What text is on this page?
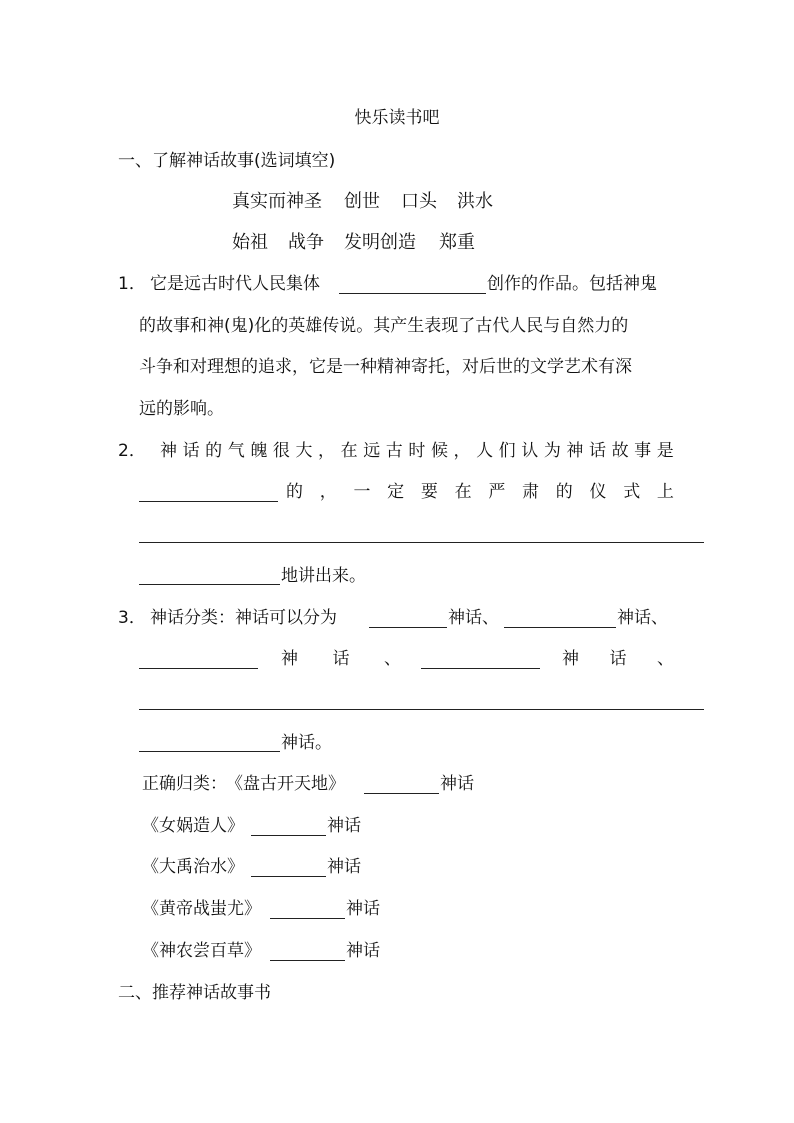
快乐读书吧
一、了解神话故事(选词填空)
真实而神圣 创世 口头 洪水
始祖 战争 发明创造 郑重
1． 它是远古时代人民集体	创作的作品。包括神鬼
的故事和神(鬼)化的英雄传说。其产生表现了古代人民与自然力的
斗争和对理想的追求，它是一种精神寄托，对后世的文学艺术有深
远的影响。
2． 神 话 的 气 魄 很 大 ， 在 远 古 时 候 ， 人 们 认 为 神 话 故 事 是
的 ， 一 定 要 在 严 肃 的 仪 式 上
地讲出来。
3． 神话分类：神话可以分为	神话、	神话、
神 话 、	神 话 、
神话。
正确归类： 《盘古开天地》	神话
《女娲造人》	神话
《大禹治水》	神话
《黄帝战蚩尤》	神话
《神农尝百草》	神话
二、推荐神话故事书
